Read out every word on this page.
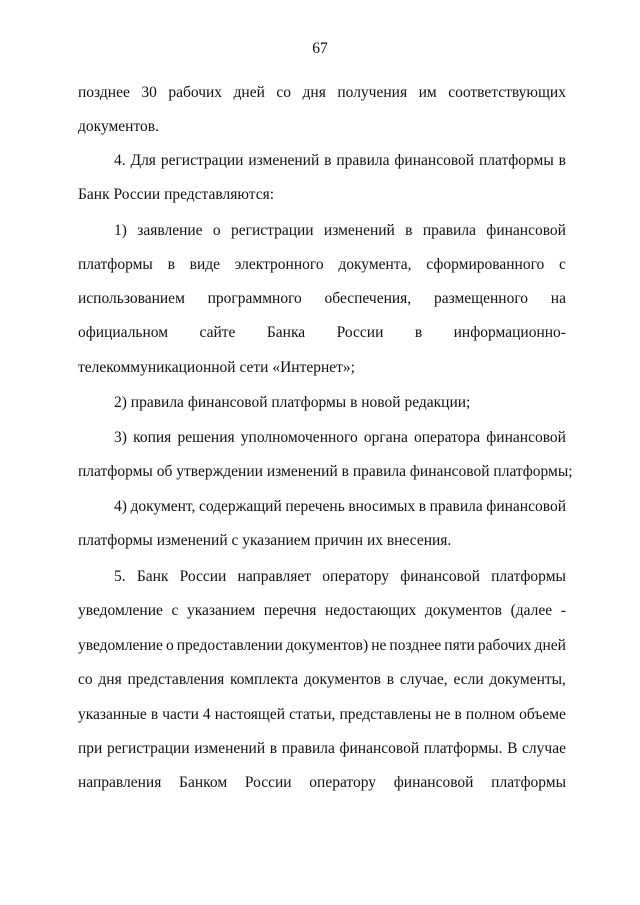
67
позднее 30 рабочих дней со дня получения им соответствующих
документов.
4. Для регистрации изменений в правила финансовой платформы в
Банк России представляются:
1) заявление о регистрации изменений в правила финансовой
платформы в виде электронного документа, сформированного с
использованием программного обеспечения, размещенного на
официальном сайте Банка России в информационно-
телекоммуникационной сети «Интернет»;
2) правила финансовой платформы в новой редакции;
3) копия решения уполномоченного органа оператора финансовой
платформы об утверждении изменений в правила финансовой платформы;
4) документ, содержащий перечень вносимых в правила финансовой
платформы изменений с указанием причин их внесения.
5. Банк России направляет оператору финансовой платформы
уведомление с указанием перечня недостающих документов (далее -
уведомление о предоставлении документов) не позднее пяти рабочих дней
со дня представления комплекта документов в случае, если документы,
указанные в части 4 настоящей статьи, представлены не в полном объеме
при регистрации изменений в правила финансовой платформы. В случае
направления Банком России оператору финансовой платформы
